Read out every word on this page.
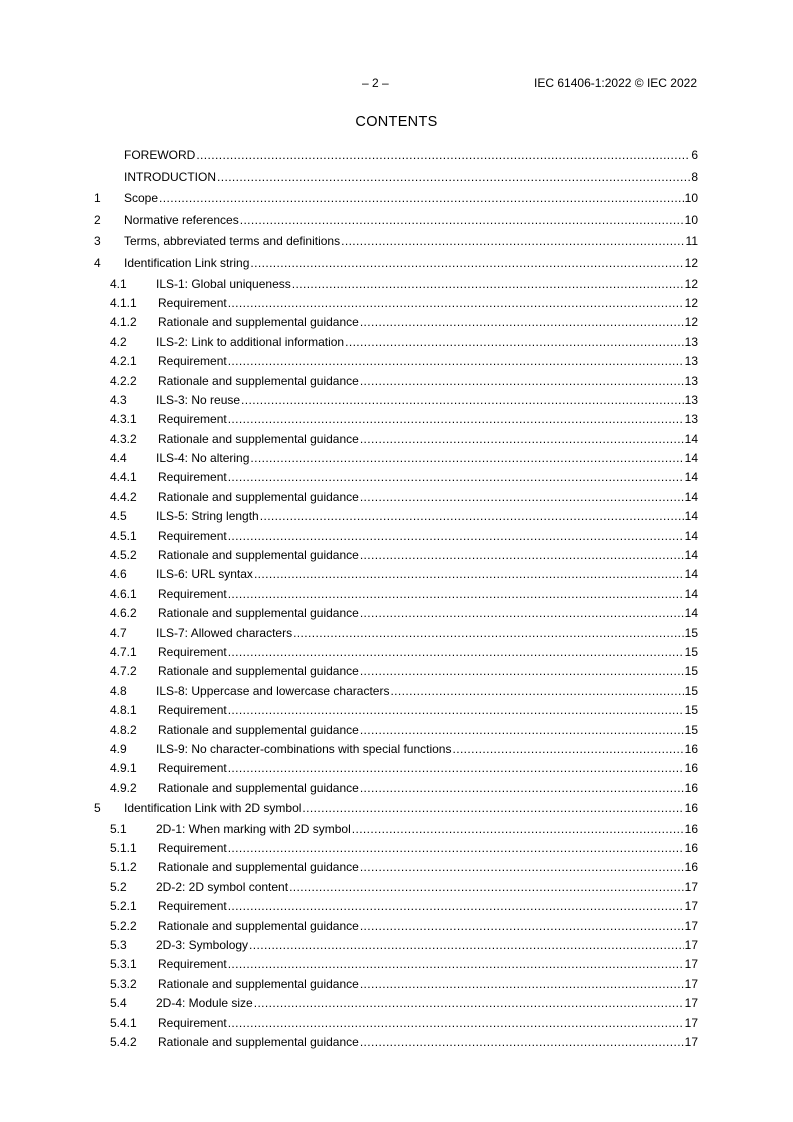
– 2 –	IEC 61406-1:2022 © IEC 2022
CONTENTS
FOREWORD .....	6
INTRODUCTION .....	8
1	Scope .....	10
2	Normative references .....	10
3	Terms, abbreviated terms and definitions .....	11
4	Identification Link string .....	12
4.1	ILS-1: Global uniqueness .....	12
4.1.1	Requirement .....	12
4.1.2	Rationale and supplemental guidance .....	12
4.2	ILS-2: Link to additional information .....	13
4.2.1	Requirement .....	13
4.2.2	Rationale and supplemental guidance .....	13
4.3	ILS-3: No reuse .....	13
4.3.1	Requirement .....	13
4.3.2	Rationale and supplemental guidance .....	14
4.4	ILS-4: No altering .....	14
4.4.1	Requirement .....	14
4.4.2	Rationale and supplemental guidance .....	14
4.5	ILS-5: String length .....	14
4.5.1	Requirement .....	14
4.5.2	Rationale and supplemental guidance .....	14
4.6	ILS-6: URL syntax .....	14
4.6.1	Requirement .....	14
4.6.2	Rationale and supplemental guidance .....	14
4.7	ILS-7: Allowed characters .....	15
4.7.1	Requirement .....	15
4.7.2	Rationale and supplemental guidance .....	15
4.8	ILS-8: Uppercase and lowercase characters .....	15
4.8.1	Requirement .....	15
4.8.2	Rationale and supplemental guidance .....	15
4.9	ILS-9: No character-combinations with special functions .....	16
4.9.1	Requirement .....	16
4.9.2	Rationale and supplemental guidance .....	16
5	Identification Link with 2D symbol .....	16
5.1	2D-1: When marking with 2D symbol .....	16
5.1.1	Requirement .....	16
5.1.2	Rationale and supplemental guidance .....	16
5.2	2D-2: 2D symbol content .....	17
5.2.1	Requirement .....	17
5.2.2	Rationale and supplemental guidance .....	17
5.3	2D-3: Symbology .....	17
5.3.1	Requirement .....	17
5.3.2	Rationale and supplemental guidance .....	17
5.4	2D-4: Module size .....	17
5.4.1	Requirement .....	17
5.4.2	Rationale and supplemental guidance .....	17
